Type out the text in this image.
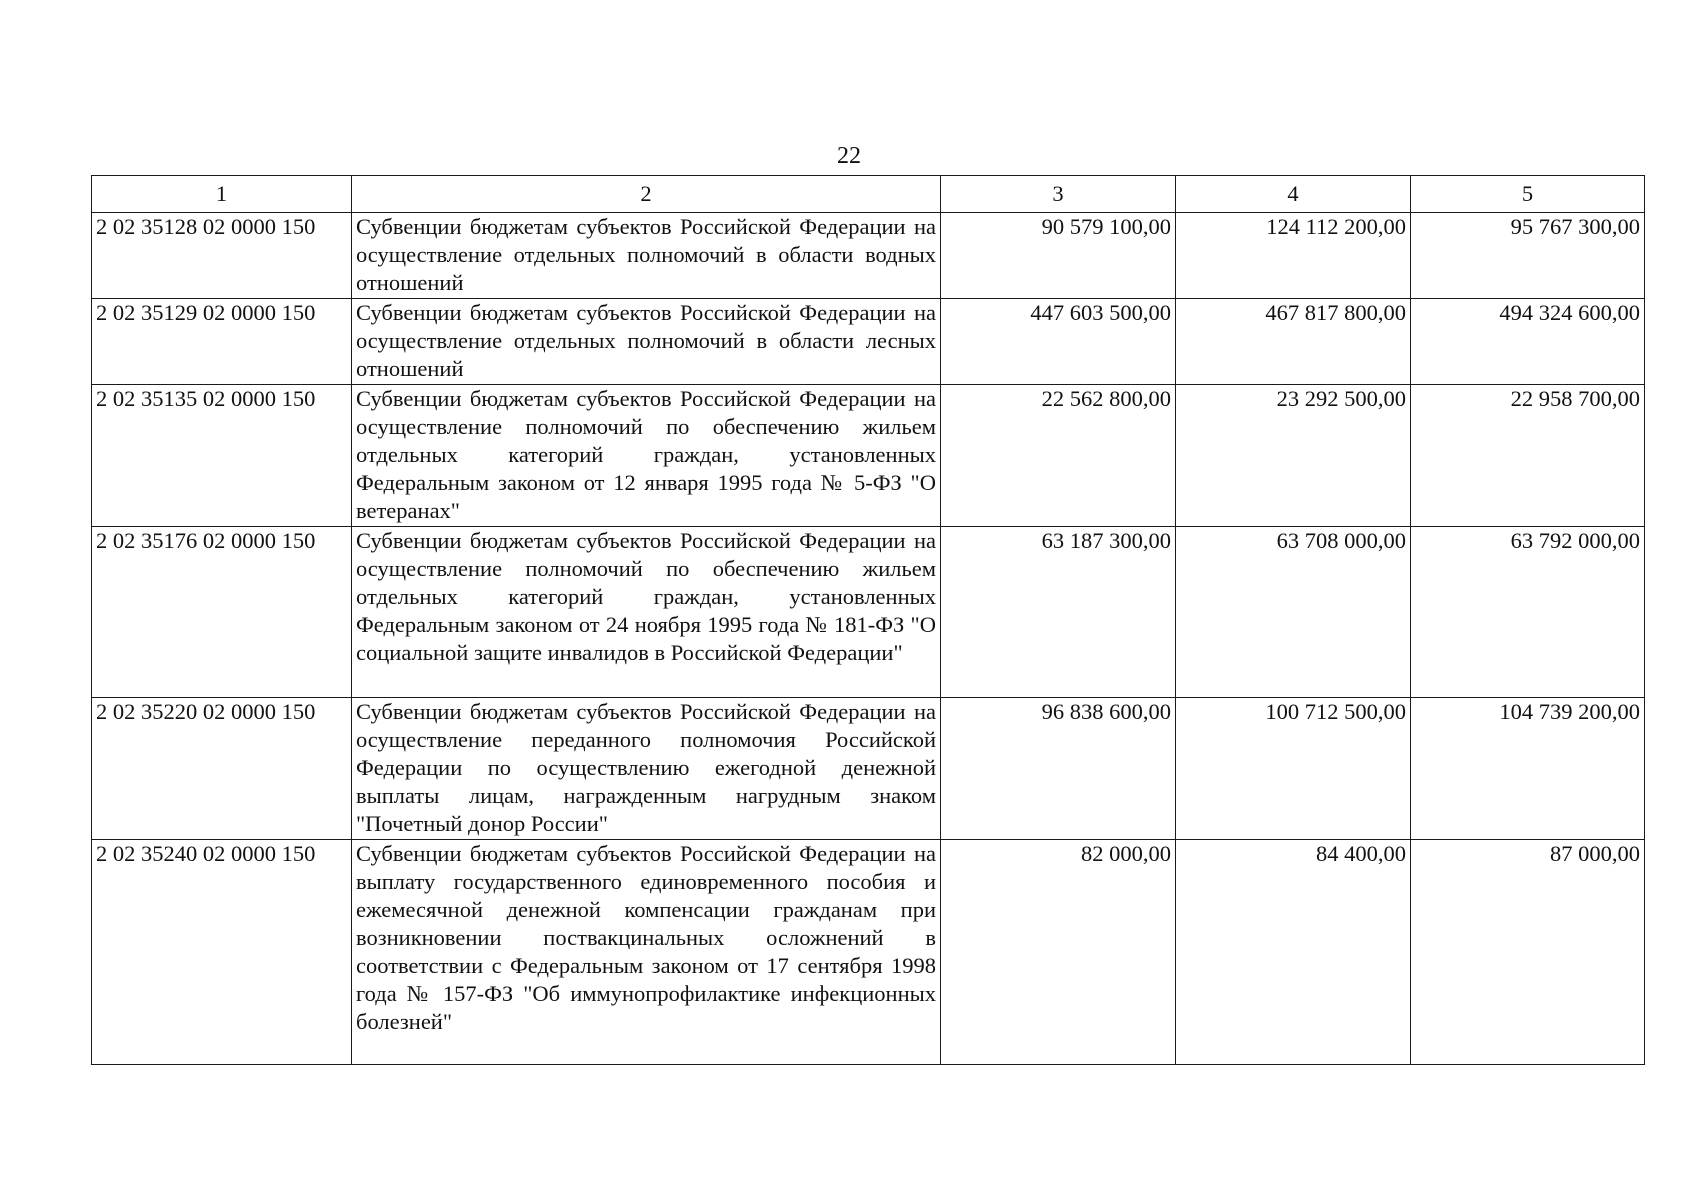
22
1	2	3	4	5
2 02 35128 02 0000 150	Субвенции бюджетам субъектов Российской Федерации на осуществление отдельных полномочий в области водных отношений	90 579 100,00	124 112 200,00	95 767 300,00
2 02 35129 02 0000 150	Субвенции бюджетам субъектов Российской Федерации на осуществление отдельных полномочий в области лесных отношений	447 603 500,00	467 817 800,00	494 324 600,00
2 02 35135 02 0000 150	Субвенции бюджетам субъектов Российской Федерации на осуществление полномочий по обеспечению жильем отдельных категорий граждан, установленных Федеральным законом от 12 января 1995 года № 5-ФЗ "О ветеранах"	22 562 800,00	23 292 500,00	22 958 700,00
2 02 35176 02 0000 150	Субвенции бюджетам субъектов Российской Федерации на осуществление полномочий по обеспечению жильем отдельных категорий граждан, установленных Федеральным законом от 24 ноября 1995 года № 181-ФЗ "О социальной защите инвалидов в Российской Федерации"	63 187 300,00	63 708 000,00	63 792 000,00
2 02 35220 02 0000 150	Субвенции бюджетам субъектов Российской Федерации на осуществление переданного полномочия Российской Федерации по осуществлению ежегодной денежной выплаты лицам, награжденным нагрудным знаком "Почетный донор России"	96 838 600,00	100 712 500,00	104 739 200,00
2 02 35240 02 0000 150	Субвенции бюджетам субъектов Российской Федерации на выплату государственного единовременного пособия и ежемесячной денежной компенсации гражданам при возникновении поствакцинальных осложнений в соответствии с Федеральным законом от 17 сентября 1998 года № 157-ФЗ "Об иммунопрофилактике инфекционных болезней"	82 000,00	84 400,00	87 000,00
